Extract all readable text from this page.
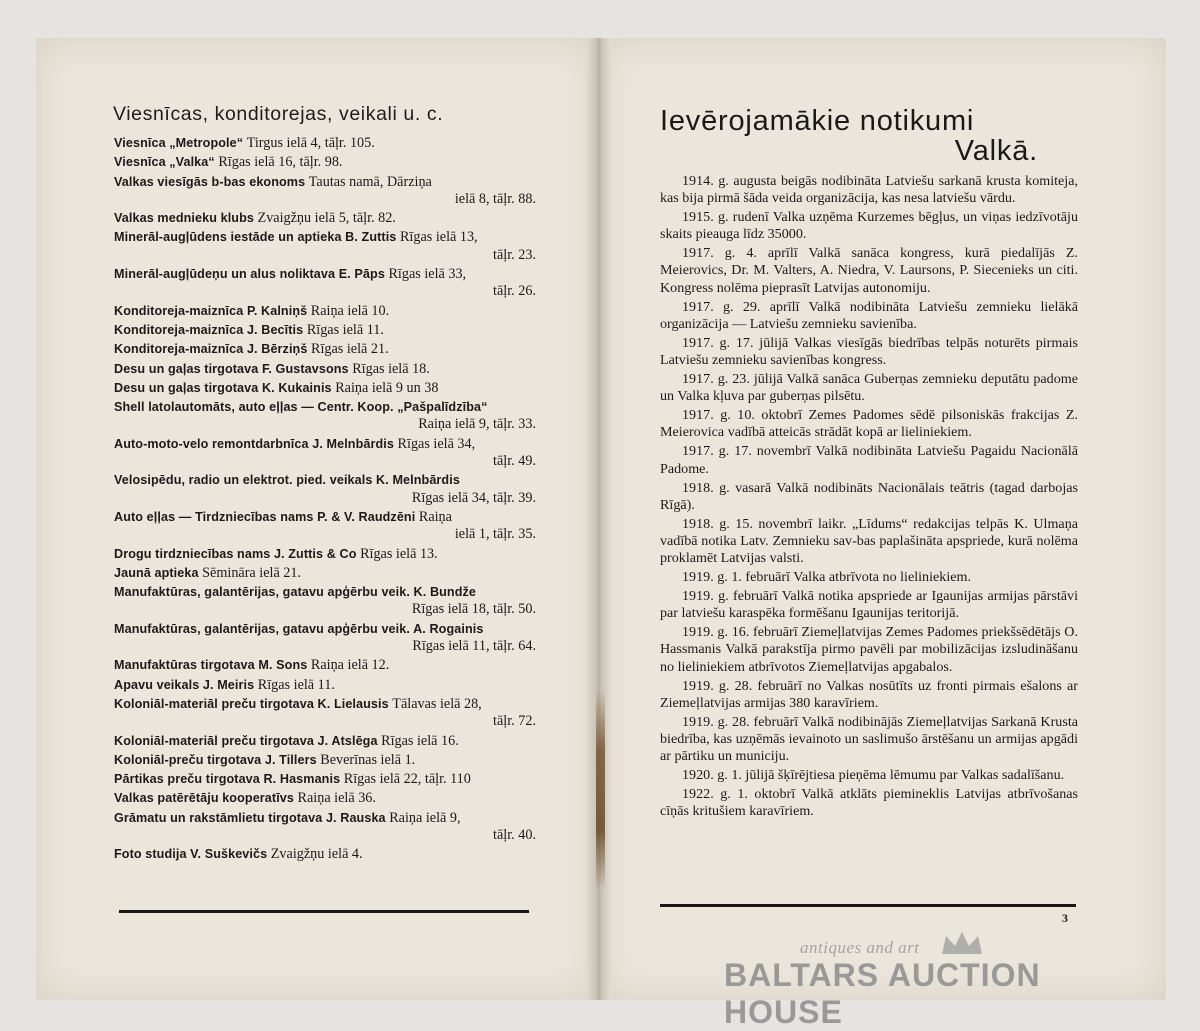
Viesnīcas, konditorejas, veikali u. c.
Viesnīca „Metropole“ Tirgus ielā 4, tāļr. 105.
Viesnīca „Valka“ Rīgas ielā 16, tāļr. 98.
Valkas viesīgās b-bas ekonoms Tautas namā, Dārziņa
ielā 8, tāļr. 88.
Valkas mednieku klubs Zvaigžņu ielā 5, tāļr. 82.
Minerāl-augļūdens iestāde un aptieka B. Zuttis Rīgas ielā 13,
tāļr. 23.
Minerāl-augļūdeņu un alus noliktava E. Pāps Rīgas ielā 33,
tāļr. 26.
Konditoreja-maiznīca P. Kalniņš Raiņa ielā 10.
Konditoreja-maiznīca J. Becītis Rīgas ielā 11.
Konditoreja-maiznīca J. Bērziņš Rīgas ielā 21.
Desu un gaļas tirgotava F. Gustavsons Rīgas ielā 18.
Desu un gaļas tirgotava K. Kukainis Raiņa ielā 9 un 38
Shell latolautomāts, auto eļļas — Centr. Koop. „Pašpalīdzība“
Raiņa ielā 9, tāļr. 33.
Auto-moto-velo remontdarbnīca J. Melnbārdis Rīgas ielā 34,
tāļr. 49.
Velosipēdu, radio un elektrot. pied. veikals K. Melnbārdis
Rīgas ielā 34, tāļr. 39.
Auto eļļas — Tirdzniecības nams P. & V. Raudzēni Raiņa
ielā 1, tāļr. 35.
Drogu tirdzniecības nams J. Zuttis & Co Rīgas ielā 13.
Jaunā aptieka Sēmināra ielā 21.
Manufaktūras, galantērijas, gatavu apģērbu veik. K. Bundže
Rīgas ielā 18, tāļr. 50.
Manufaktūras, galantērijas, gatavu apģērbu veik. A. Rogainis
Rīgas ielā 11, tāļr. 64.
Manufaktūras tirgotava M. Sons Raiņa ielā 12.
Apavu veikals J. Meiris Rīgas ielā 11.
Koloniāl-materiāl preču tirgotava K. Lielausis Tālavas ielā 28,
tāļr. 72.
Koloniāl-materiāl preču tirgotava J. Atslēga Rīgas ielā 16.
Koloniāl-preču tirgotava J. Tillers Beverīnas ielā 1.
Pārtikas preču tirgotava R. Hasmanis Rīgas ielā 22, tāļr. 110
Valkas patērētāju kooperatīvs Raiņa ielā 36.
Grāmatu un rakstāmlietu tirgotava J. Rauska Raiņa ielā 9,
tāļr. 40.
Foto studija V. Suškevičs Zvaigžņu ielā 4.
Ievērojamākie notikumi
Valkā.
1914. g. augusta beigās nodibināta Latviešu sarkanā krusta komiteja, kas bija pirmā šāda veida organizācija, kas nesa latviešu vārdu.
1915. g. rudenī Valka uzņēma Kurzemes bēgļus, un viņas iedzīvotāju skaits pieauga līdz 35000.
1917. g. 4. aprīlī Valkā sanāca kongress, kurā piedalījās Z. Meierovics, Dr. M. Valters, A. Niedra, V. Laursons, P. Siecenieks un citi. Kongress nolēma pieprasīt Latvijas autonomiju.
1917. g. 29. aprīlī Valkā nodibināta Latviešu zemnieku lielākā organizācija — Latviešu zemnieku savienība.
1917. g. 17. jūlijā Valkas viesīgās biedrības telpās noturēts pirmais Latviešu zemnieku savienības kongress.
1917. g. 23. jūlijā Valkā sanāca Guberņas zemnieku deputātu padome un Valka kļuva par guberņas pilsētu.
1917. g. 10. oktobrī Zemes Padomes sēdē pilsoniskās frakcijas Z. Meierovica vadībā atteicās strādāt kopā ar lieliniekiem.
1917. g. 17. novembrī Valkā nodibināta Latviešu Pagaidu Nacionālā Padome.
1918. g. vasarā Valkā nodibināts Nacionālais teātris (tagad darbojas Rīgā).
1918. g. 15. novembrī laikr. „Līdums“ redakcijas telpās K. Ulmaņa vadībā notika Latv. Zemnieku sav-bas paplašināta apspriede, kurā nolēma proklamēt Latvijas valsti.
1919. g. 1. februārī Valka atbrīvota no lieliniekiem.
1919. g. februārī Valkā notika apspriede ar Igaunijas armijas pārstāvi par latviešu karaspēka formēšanu Igaunijas teritorijā.
1919. g. 16. februārī Ziemeļlatvijas Zemes Padomes priekšsēdētājs O. Hassmanis Valkā parakstīja pirmo pavēli par mobilizācijas izsludināšanu no lieliniekiem atbrīvotos Ziemeļlatvijas apgabalos.
1919. g. 28. februārī no Valkas nosūtīts uz fronti pirmais ešalons ar Ziemeļlatvijas armijas 380 karavīriem.
1919. g. 28. februārī Valkā nodibinājās Ziemeļlatvijas Sarkanā Krusta biedrība, kas uzņēmās ievainoto un saslimušo ārstēšanu un armijas apgādi ar pārtiku un municiju.
1920. g. 1. jūlijā šķīrējtiesa pieņēma lēmumu par Valkas sadalīšanu.
1922. g. 1. oktobrī Valkā atklāts piemineklis Latvijas atbrīvošanas cīņās kritušiem karavīriem.
3
antiques and art
BALTARS AUCTION HOUSE
